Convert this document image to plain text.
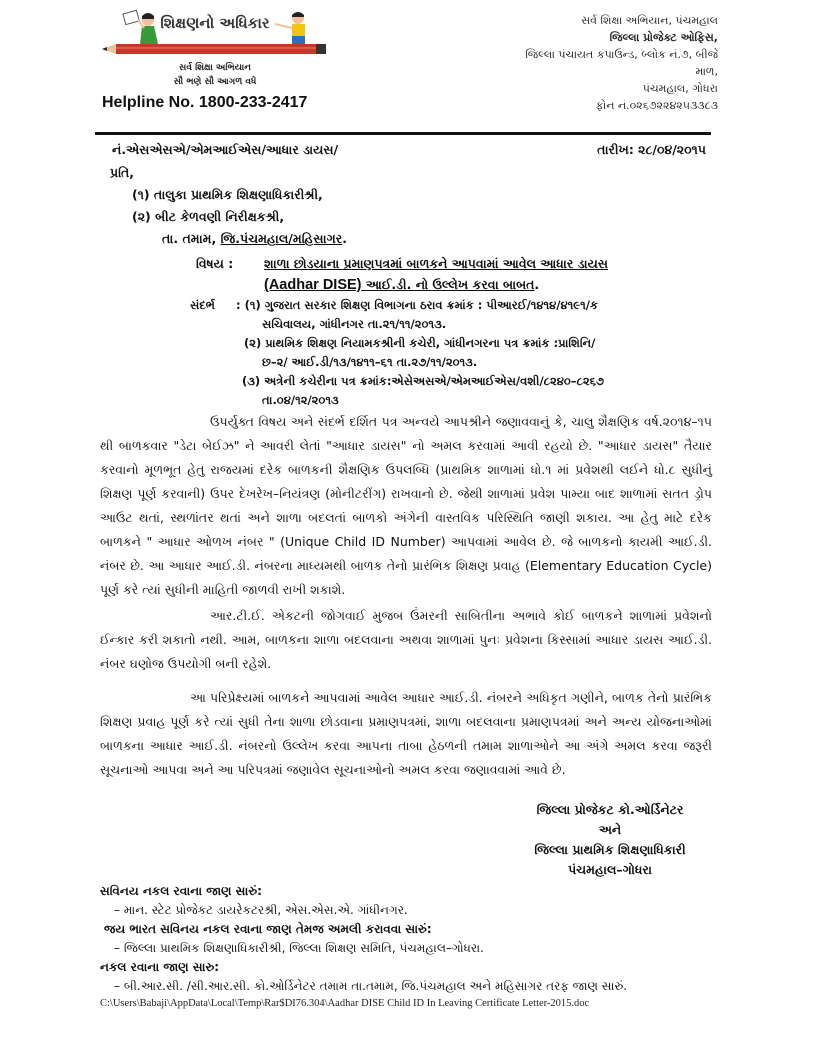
શિક્ષણનો અધિકાર
સર્વ શિક્ષા અભિયાન
સૌ ભણે સૌ આગળ વધે
Helpline No. 1800-233-2417
સર્વ શિક્ષા અભિયાન, પંચમહાલ
જિલ્લા પ્રોજેક્ટ ઓફિસ,
જિલ્લા પંચાયત કંપાઉન્ડ, બ્લોક નં.૭, બીજે
માળ,
પંચમહાલ, ગોધરા
ફોન નં.૦૨૬૭૨૨૪૨૫૩૩૮૩
નં.એસએસએ/એમઆઈએસ/આધાર ડાયસ/	તારીખ: ૨૮/૦૪/૨૦૧૫
પ્રતિ,
(૧) તાલુકા પ્રાથમિક શિક્ષણાધિકારીશ્રી,
(૨) બીટ કેળવણી નિરીક્ષકશ્રી,
તા. તમામ, જિ.પંચમહાલ/મહિસાગર.
વિષય : શાળા છોડયાના પ્રમાણપત્રમાં બાળકને આપવામાં આવેલ આધાર ડાયસ
(Aadhar DISE) આઈ.ડી. નો ઉલ્લેખ કરવા બાબત.
સંદર્ભ : (૧) ગુજરાત સરકાર શિક્ષણ વિભાગના ઠરાવ ક્રમાંક : પીઆરઈ/૧૪૧૪/૪૧૯૧/ક
સચિવાલય, ગાંધીનગર તા.૨૧/૧૧/૨૦૧૩.
(૨) પ્રાથમિક શિક્ષણ નિયામકશ્રીની કચેરી, ગાંધીનગરના પત્ર ક્રમાંક :પ્રાશિનિ/
છ–૨/ આઈ.ડી/૧૩/૧૪૧૧–૬૧ તા.૨૭/૧૧/૨૦૧૩.
(૩) અત્રેની કચેરીના પત્ર ક્રમાંક:એસેઅસએ/એમઆઈએસ/વશી/૮૨૪૦–૮૨૬૭
તા.૦૪/૧૨/૨૦૧૩

ઉપર્યુક્ત વિષય અને સંદર્ભ દર્શિત પત્ર અન્વયે આપશ્રીને જણાવવાનું કે, ચાલુ શૈક્ષણિક વર્ષ.૨૦૧૪–૧૫ થી બાળકવાર "ડેટા બેઈઝ" ને આવરી લેતાં "આધાર ડાયસ" નો અમલ કરવામાં આવી રહયો છે. "આધાર ડાયસ" તૈયાર કરવાનો મૂળભૂત હેતુ રાજયમાં દરેક બાળકની શૈક્ષણિક ઉપલબ્ધિ (પ્રાથમિક શાળામાં ધો.૧ માં પ્રવેશથી લઈને ધો.૮ સુધીનું શિક્ષણ પૂર્ણ કરવાની) ઉપર દેખરેખ–નિયંત્રણ (મોનીટરીંગ) રાખવાનો છે. જેથી શાળામાં પ્રવેશ પામ્યા બાદ શાળામાં સતત ડ્રોપ આઉટ થતાં, સ્થળાંતર થતાં અને શાળા બદલતાં બાળકો અંગેની વાસ્તવિક પરિસ્થિતિ જાણી શકાય. આ હેતુ માટે દરેક બાળકને " આધાર ઓળખ નંબર " (Unique Child ID Number) આપવામાં આવેલ છે. જે બાળકનો કાયમી આઈ.ડી. નંબર છે. આ આધાર આઈ.ડી. નંબરના માધ્યમથી બાળક તેનો પ્રારંભિક શિક્ષણ પ્રવાહ (Elementary Education Cycle) પૂર્ણ કરે ત્યાં સુધીની માહિતી જાળવી રાખી શકાશે.

આર.ટી.ઈ. એકટની જોગવાઈ મુજબ ઉંમરની સાબિતીના અભાવે કોઈ બાળકને શાળામાં પ્રવેશનો ઈન્કાર કરી શકાતો નથી. આમ, બાળકના શાળા બદલવાના અથવા શાળામાં પુનઃ પ્રવેશના કિસ્સામાં આધાર ડાયસ આઈ.ડી. નંબર ઘણોજ ઉપયોગી બની રહેશે.

આ પરિપ્રેક્ષ્યમાં બાળકને આપવામાં આવેલ આધાર આઈ.ડી. નંબરને અધિકૃત ગણીને, બાળક તેનો પ્રારંભિક શિક્ષણ પ્રવાહ પૂર્ણ કરે ત્યાં સુધી તેના શાળા છોડવાના પ્રમાણપત્રમાં, શાળા બદલવાના પ્રમાણપત્રમાં અને અન્ય યોજનાઓમાં બાળકના આધાર આઈ.ડી. નંબરનો ઉલ્લેખ કરવા આપના તાબા હેઠળની તમામ શાળાઓને આ અંગે અમલ કરવા જરૂરી સૂચનાઓ આપવા અને આ પરિપત્રમાં જણાવેલ સૂચનાઓનો અમલ કરવા જણાવવામાં આવે છે.

જિલ્લા પ્રોજેકટ કો.ઓર્ડિનેટર
અને
જિલ્લા પ્રાથમિક શિક્ષણાધિકારી
પંચમહાલ–ગોધરા
સવિનય નકલ રવાના જાણ સારું:
– માન. સ્ટેટ પ્રોજેકટ ડાયરેકટરશ્રી, એસ.એસ.એ. ગાંધીનગર.
જય ભારત સવિનય નકલ રવાના જાણ તેમજ અમલી કરાવવા સારું:
– જિલ્લા પ્રાથમિક શિક્ષણાધિકારીશ્રી, જિલ્લા શિક્ષણ સમિતિ, પંચમહાલ–ગોધરા.
નકલ રવાના જાણ સારુ:
– બી.આર.સી. /સી.આર.સી. કો.ઓર્ડિનેટર તમામ તા.તમામ, જિ.પંચમહાલ અને મહિસાગર તરફ જાણ સારું.
C:\Users\Babaji\AppData\Local\Temp\Rar$DI76.304\Aadhar DISE Child ID In Leaving Certificate Letter-2015.doc
